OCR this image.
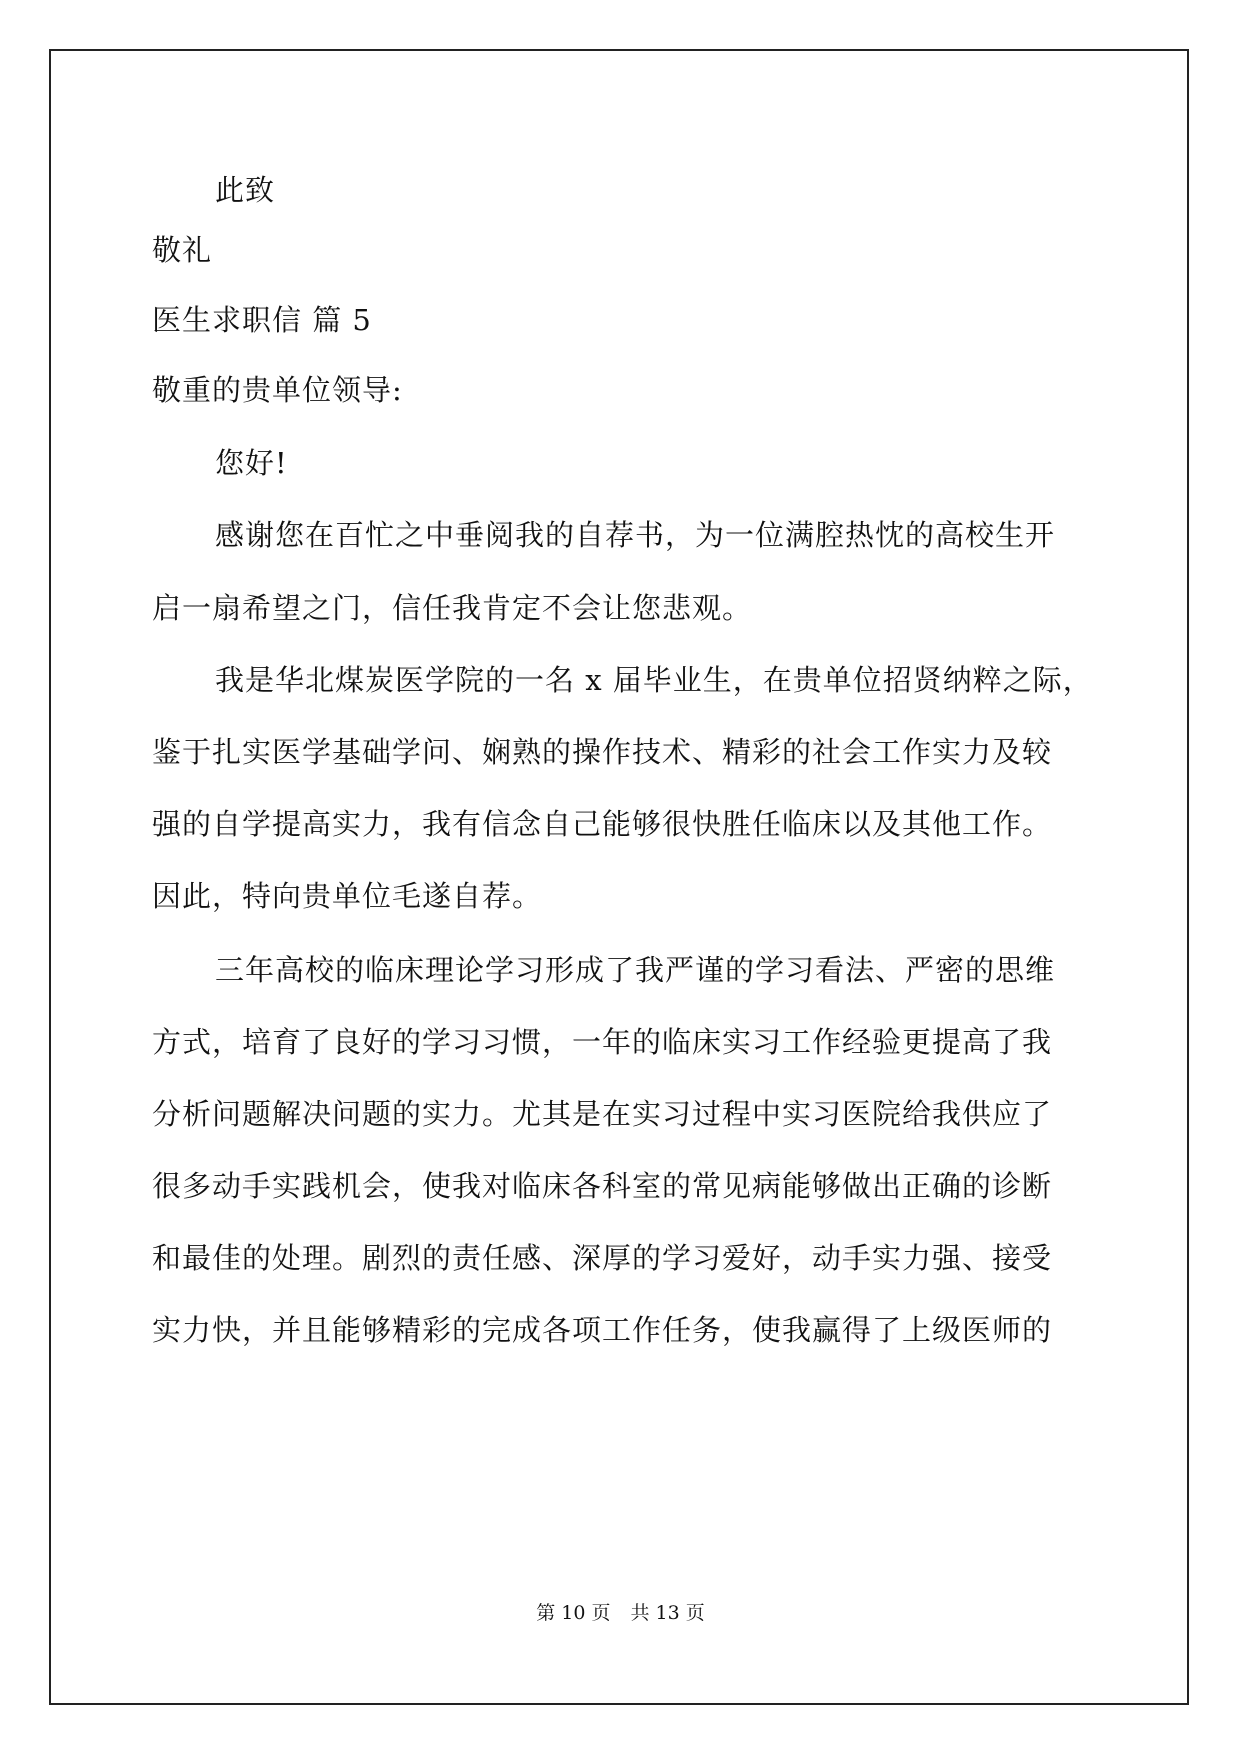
此致
敬礼
医生求职信 篇 5
敬重的贵单位领导:
您好!
感谢您在百忙之中垂阅我的自荐书，为一位满腔热忱的高校生开
启一扇希望之门，信任我肯定不会让您悲观。
我是华北煤炭医学院的一名 x 届毕业生，在贵单位招贤纳粹之际，
鉴于扎实医学基础学问、娴熟的操作技术、精彩的社会工作实力及较
强的自学提高实力，我有信念自己能够很快胜任临床以及其他工作。
因此，特向贵单位毛遂自荐。
三年高校的临床理论学习形成了我严谨的学习看法、严密的思维
方式，培育了良好的学习习惯，一年的临床实习工作经验更提高了我
分析问题解决问题的实力。尤其是在实习过程中实习医院给我供应了
很多动手实践机会，使我对临床各科室的常见病能够做出正确的诊断
和最佳的处理。剧烈的责任感、深厚的学习爱好，动手实力强、接受
实力快，并且能够精彩的完成各项工作任务，使我赢得了上级医师的
第 10 页 共 13 页
